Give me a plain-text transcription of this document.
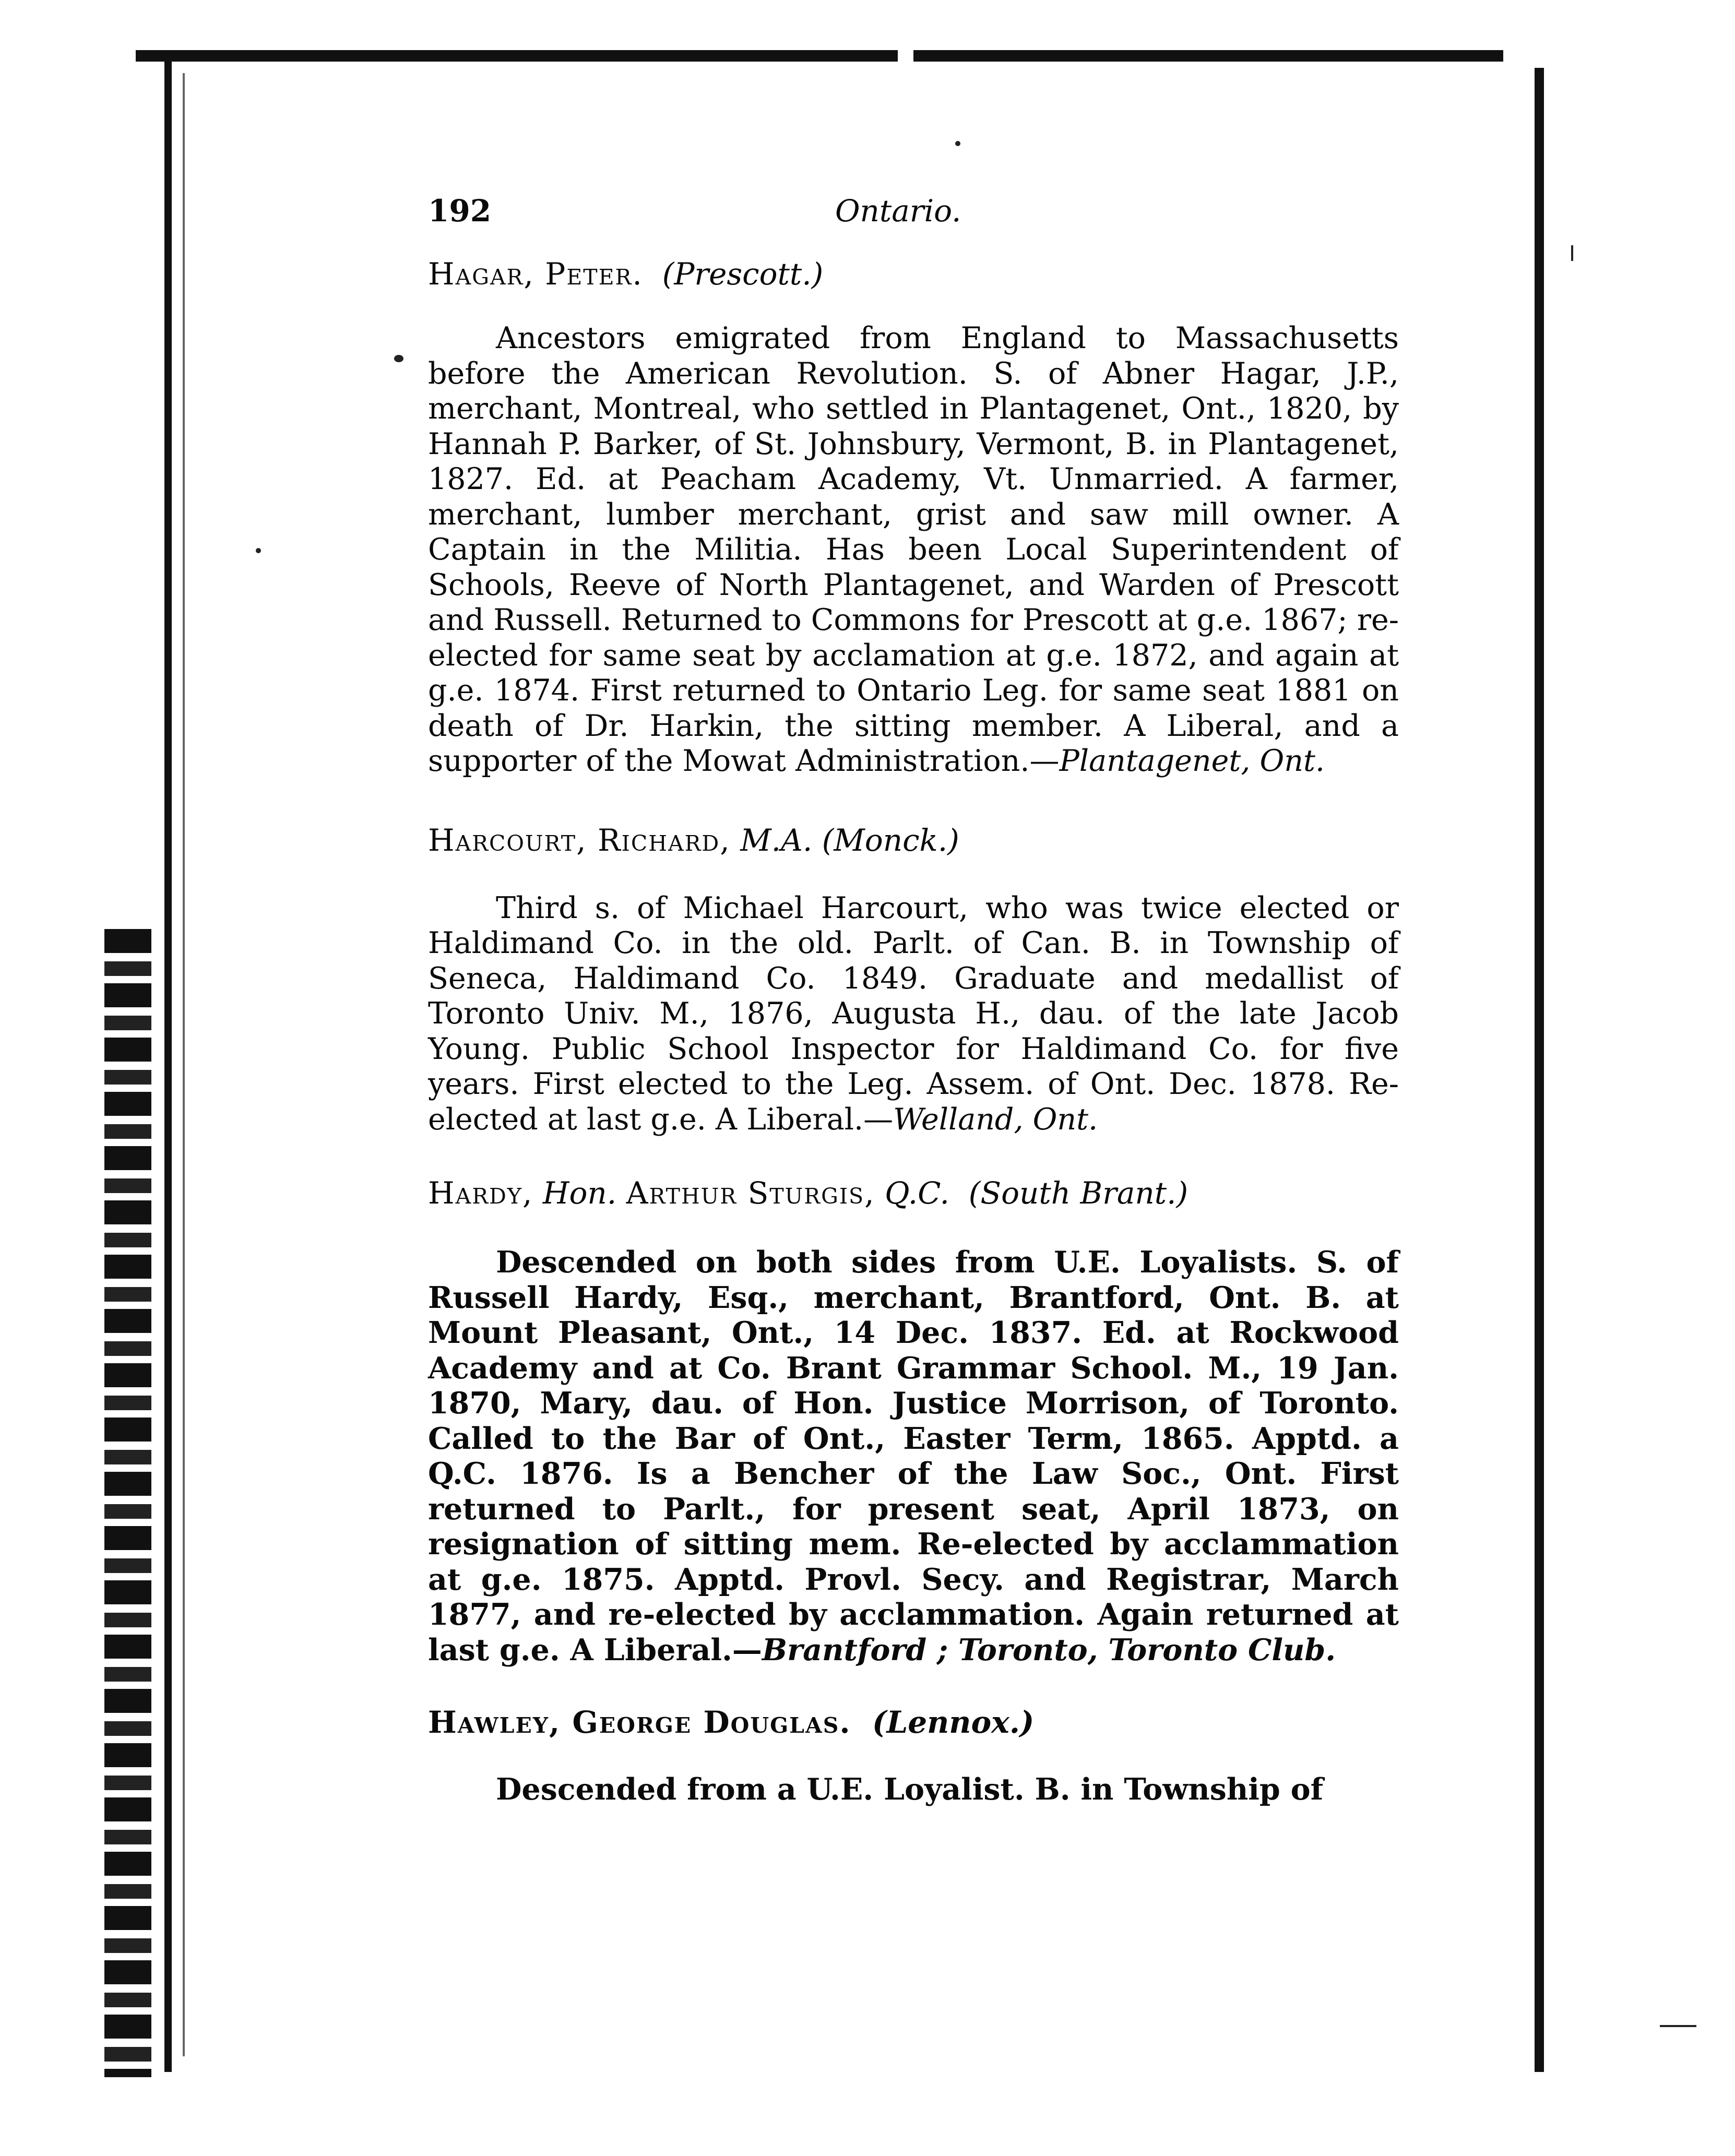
192	Ontario.
Hagar, Peter. (Prescott.)

Ancestors emigrated from England to Massachusetts before the American Revolution. S. of Abner Hagar, J.P., merchant, Montreal, who settled in Plantagenet, Ont., 1820, by Hannah P. Barker, of St. Johnsbury, Vermont, B. in Plantagenet, 1827. Ed. at Peacham Academy, Vt. Unmarried. A farmer, merchant, lumber merchant, grist and saw mill owner. A Captain in the Militia. Has been Local Superintendent of Schools, Reeve of North Plantagenet, and Warden of Prescott and Russell. Returned to Commons for Prescott at g.e. 1867; re-elected for same seat by acclamation at g.e. 1872, and again at g.e. 1874. First returned to Ontario Leg. for same seat 1881 on death of Dr. Harkin, the sitting member. A Liberal, and a supporter of the Mowat Administration.—Plantagenet, Ont.

Harcourt, Richard, M.A. (Monck.)

Third s. of Michael Harcourt, who was twice elected or Haldimand Co. in the old. Parlt. of Can. B. in Township of Seneca, Haldimand Co. 1849. Graduate and medallist of Toronto Univ. M., 1876, Augusta H., dau. of the late Jacob Young. Public School Inspector for Haldimand Co. for five years. First elected to the Leg. Assem. of Ont. Dec. 1878. Re-elected at last g.e. A Liberal.—Welland, Ont.

Hardy, Hon. Arthur Sturgis, Q.C. (South Brant.)

Descended on both sides from U.E. Loyalists. S. of Russell Hardy, Esq., merchant, Brantford, Ont. B. at Mount Pleasant, Ont., 14 Dec. 1837. Ed. at Rockwood Academy and at Co. Brant Grammar School. M., 19 Jan. 1870, Mary, dau. of Hon. Justice Morrison, of Toronto. Called to the Bar of Ont., Easter Term, 1865. Apptd. a Q.C. 1876. Is a Bencher of the Law Soc., Ont. First returned to Parlt., for present seat, April 1873, on resignation of sitting mem. Re-elected by acclammation at g.e. 1875. Apptd. Provl. Secy. and Registrar, March 1877, and re-elected by acclammation. Again returned at last g.e. A Liberal.—Brantford ; Toronto, Toronto Club.

Hawley, George Douglas. (Lennox.)

Descended from a U.E. Loyalist. B. in Township of
